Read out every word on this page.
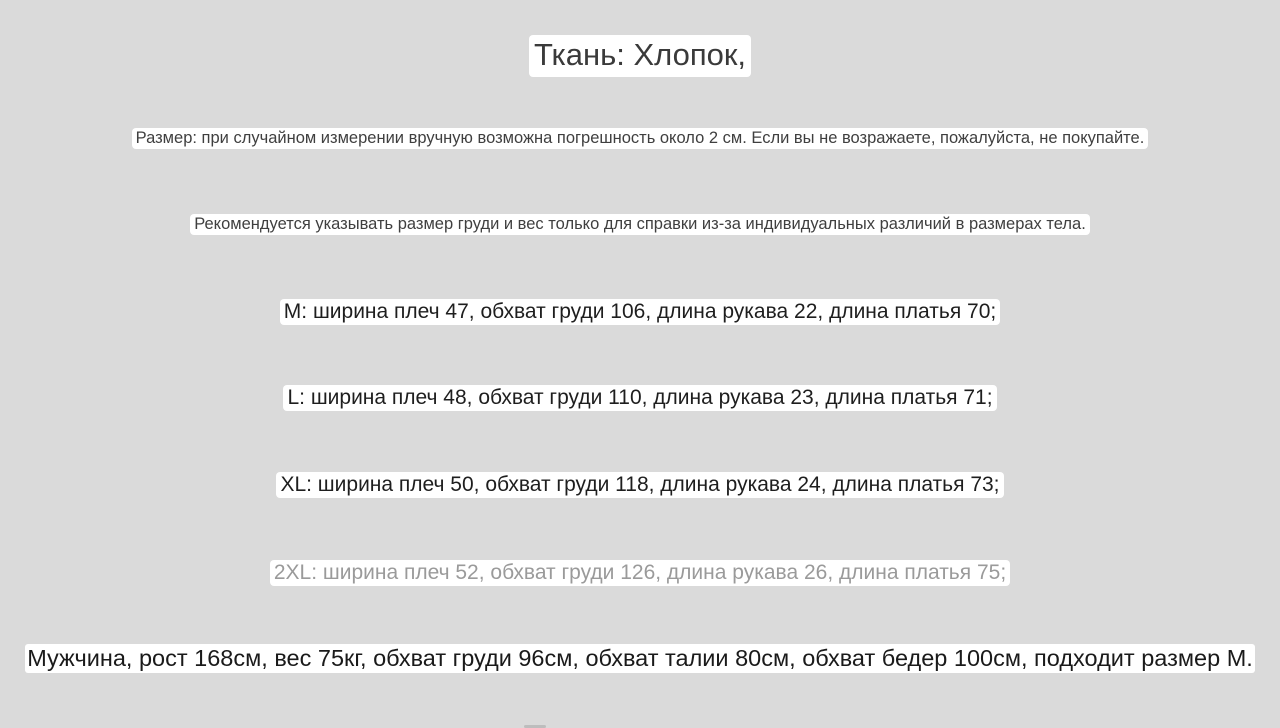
Ткань: Хлопок,
Размер: при случайном измерении вручную возможна погрешность около 2 см. Если вы не возражаете, пожалуйста, не покупайте.
Рекомендуется указывать размер груди и вес только для справки из-за индивидуальных различий в размерах тела.
M: ширина плеч 47, обхват груди 106, длина рукава 22, длина платья 70;
L: ширина плеч 48, обхват груди 110, длина рукава 23, длина платья 71;
XL: ширина плеч 50, обхват груди 118, длина рукава 24, длина платья 73;
2XL: ширина плеч 52, обхват груди 126, длина рукава 26, длина платья 75;
Мужчина, рост 168см, вес 75кг, обхват груди 96см, обхват талии 80см, обхват бедер 100см, подходит размер M.
